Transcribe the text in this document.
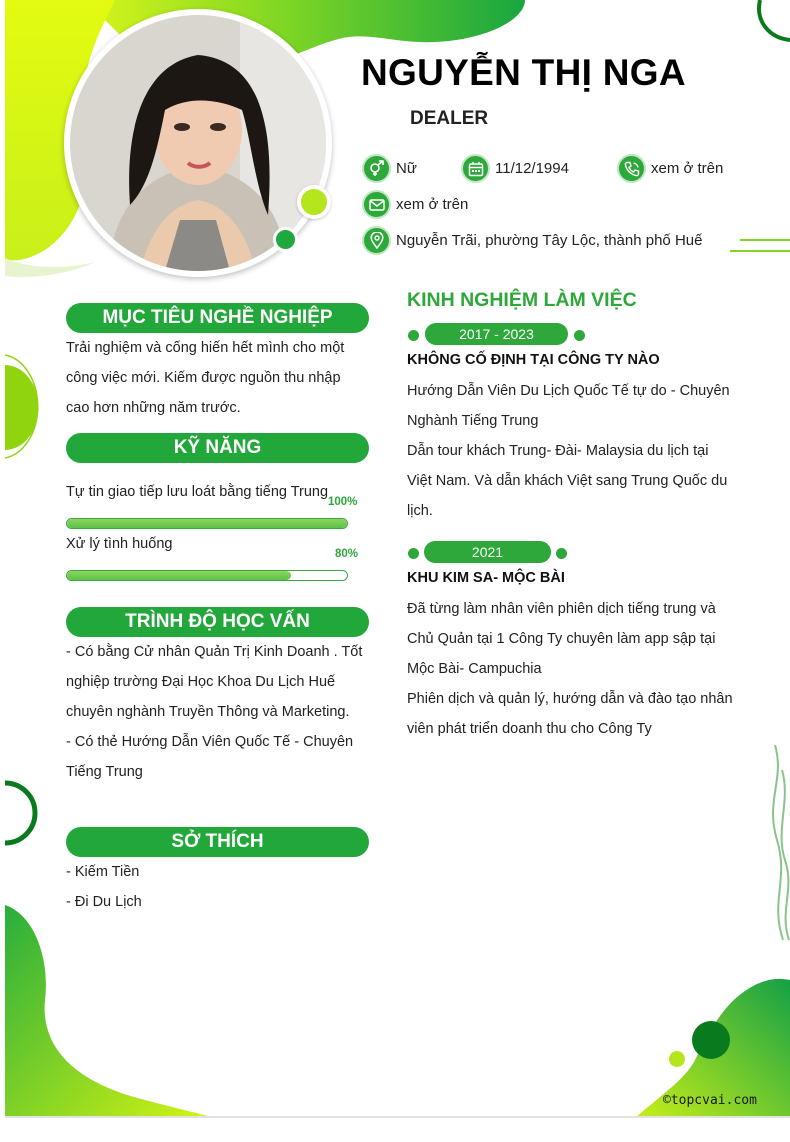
NGUYỄN THỊ NGA
DEALER
Nữ	11/12/1994	xem ở trên
xem ở trên
Nguyễn Trãi, phường Tây Lộc, thành phố Huế
MỤC TIÊU NGHỀ NGHIỆP
Trải nghiệm và cống hiến hết mình cho một
công việc mới. Kiếm được nguồn thu nhập
cao hơn những năm trước.
KỸ NĂNG
Tự tin giao tiếp lưu loát bằng tiếng Trung
100%
Xử lý tình huống
80%
TRÌNH ĐỘ HỌC VẤN
- Có bằng Cử nhân Quản Trị Kinh Doanh . Tốt
nghiệp trường Đại Học Khoa Du Lịch Huế
chuyên nghành Truyền Thông và Marketing.
- Có thẻ Hướng Dẫn Viên Quốc Tế - Chuyên
Tiếng Trung
SỞ THÍCH
- Kiếm Tiền
- Đi Du Lịch
KINH NGHIỆM LÀM VIỆC
2017 - 2023
KHÔNG CỐ ĐỊNH TẠI CÔNG TY NÀO
Hướng Dẫn Viên Du Lịch Quốc Tế tự do - Chuyên
Nghành Tiếng Trung
Dẫn tour khách Trung- Đài- Malaysia du lịch tại
Việt Nam. Và dẫn khách Việt sang Trung Quốc du
lịch.
2021
KHU KIM SA- MỘC BÀI
Đã từng làm nhân viên phiên dịch tiếng trung và
Chủ Quản tại 1 Công Ty chuyên làm app sập tại
Mộc Bài- Campuchia
Phiên dịch và quản lý, hướng dẫn và đào tạo nhân
viên phát triển doanh thu cho Công Ty
©topcvai.com
